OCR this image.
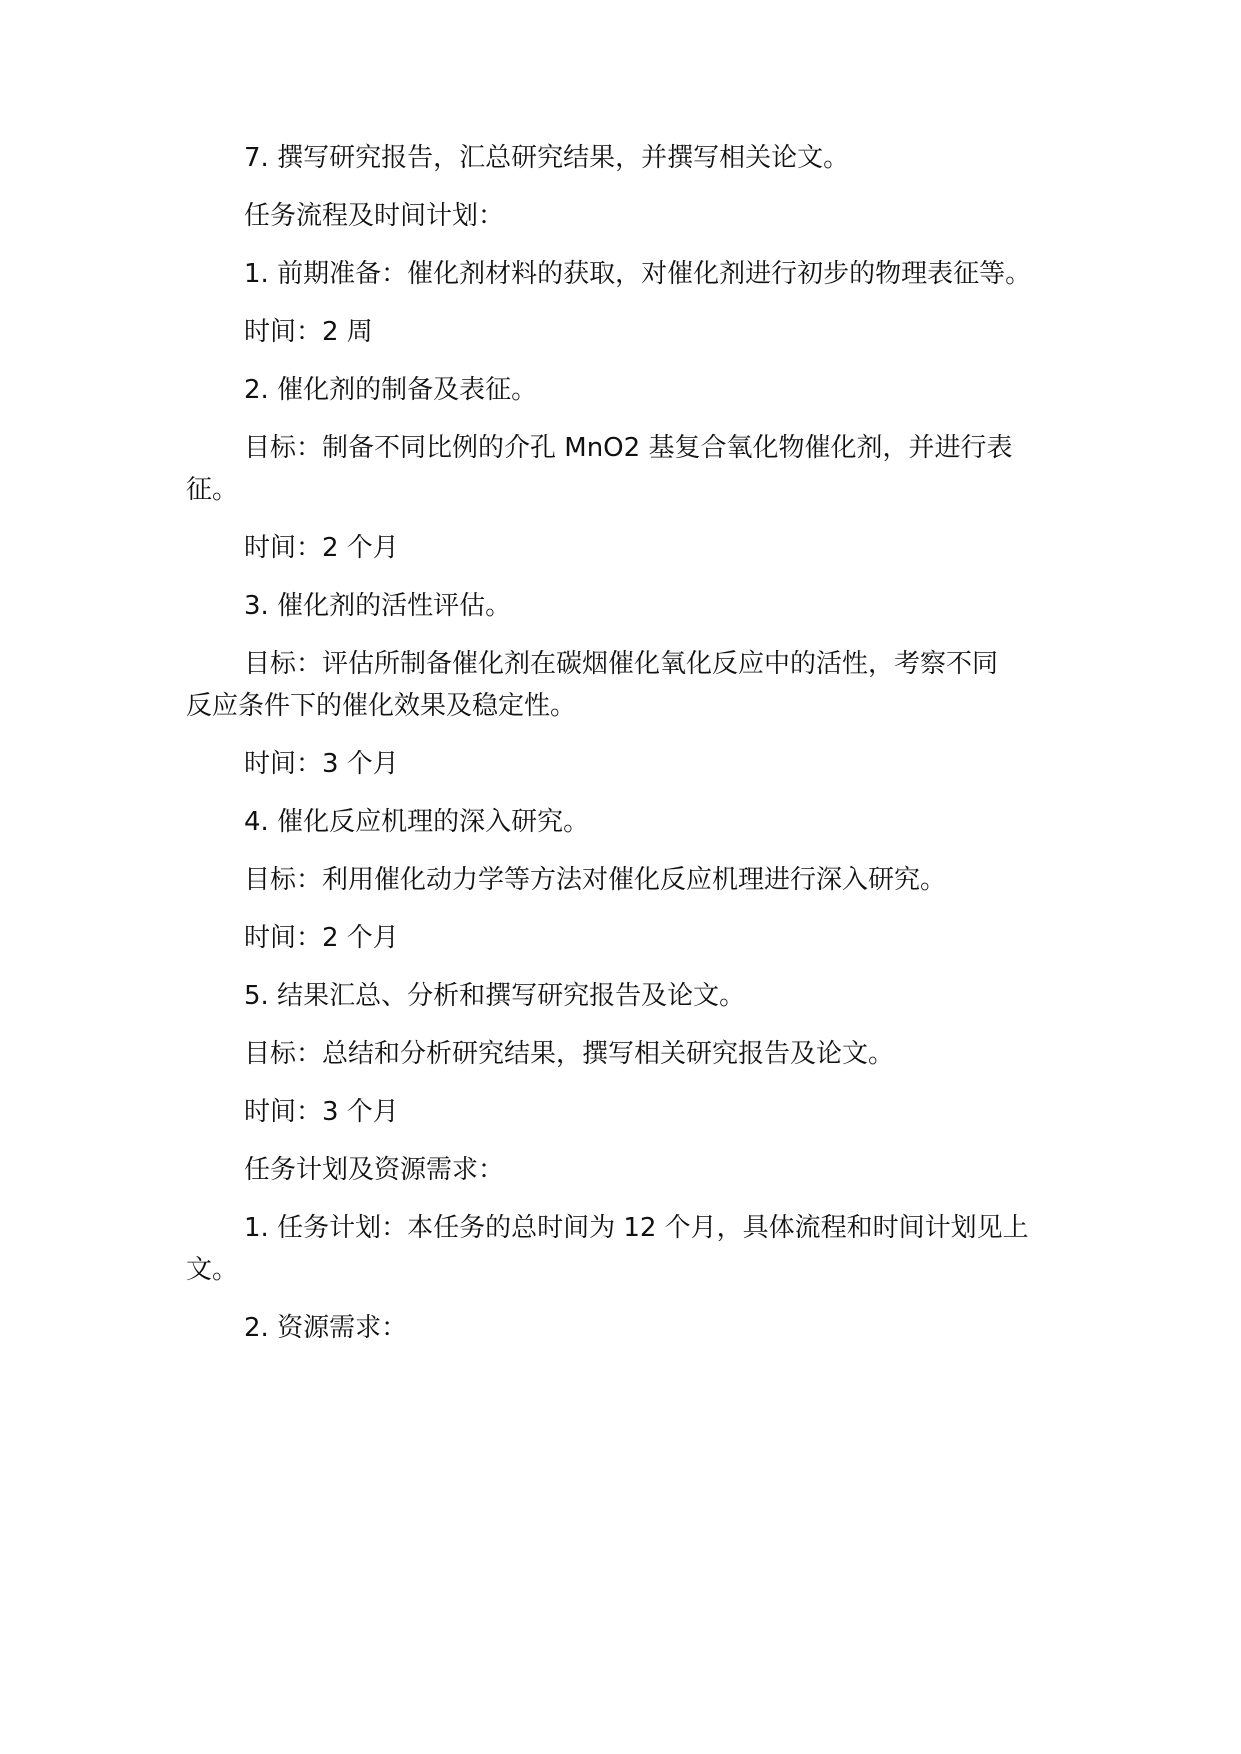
7. 撰写研究报告，汇总研究结果，并撰写相关论文。
任务流程及时间计划：
1. 前期准备：催化剂材料的获取，对催化剂进行初步的物理表征等。
时间：2 周
2. 催化剂的制备及表征。
目标：制备不同比例的介孔 MnO2 基复合氧化物催化剂，并进行表
征。
时间：2 个月
3. 催化剂的活性评估。
目标：评估所制备催化剂在碳烟催化氧化反应中的活性，考察不同
反应条件下的催化效果及稳定性。
时间：3 个月
4. 催化反应机理的深入研究。
目标：利用催化动力学等方法对催化反应机理进行深入研究。
时间：2 个月
5. 结果汇总、分析和撰写研究报告及论文。
目标：总结和分析研究结果，撰写相关研究报告及论文。
时间：3 个月
任务计划及资源需求：
1. 任务计划：本任务的总时间为 12 个月，具体流程和时间计划见上
文。
2. 资源需求：
